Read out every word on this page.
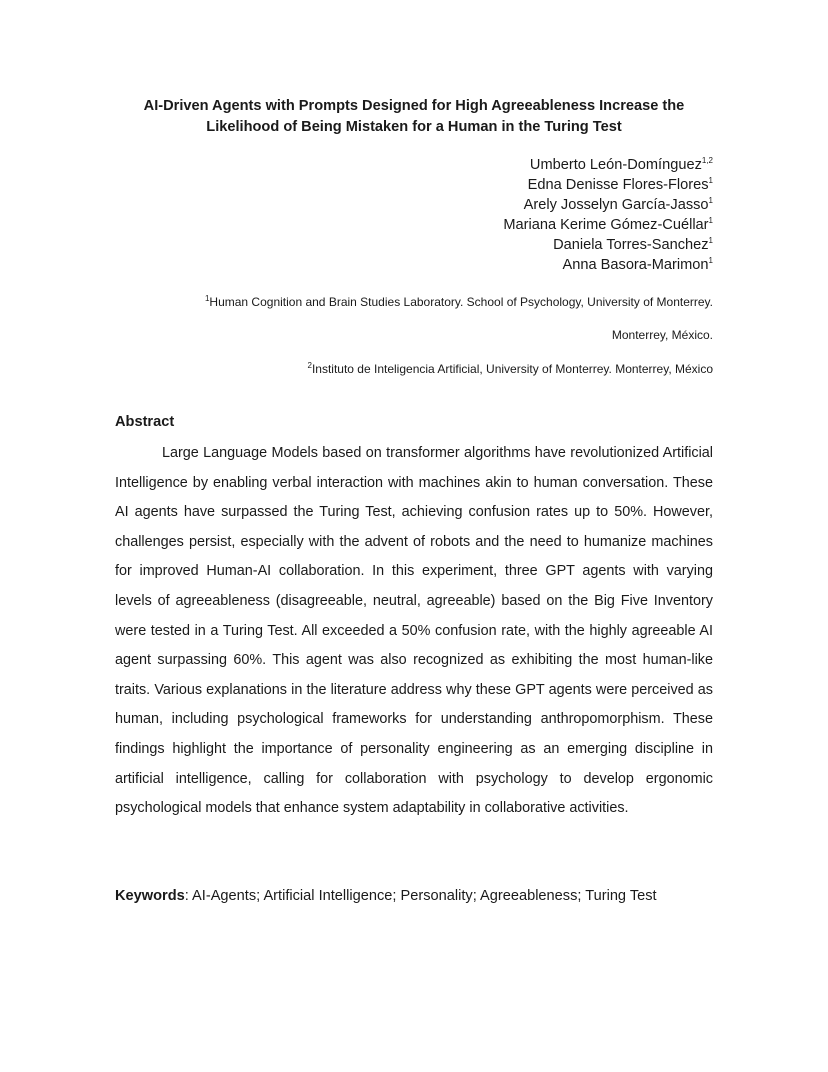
AI-Driven Agents with Prompts Designed for High Agreeableness Increase the
Likelihood of Being Mistaken for a Human in the Turing Test
Umberto León-Domínguez$^{1,2}$
Edna Denisse Flores-Flores$^1$
Arely Josselyn García-Jasso$^1$
Mariana Kerime Gómez-Cuéllar$^1$
Daniela Torres-Sanchez$^1$
Anna Basora-Marimon$^1$
$^1$Human Cognition and Brain Studies Laboratory. School of Psychology, University of Monterrey.
Monterrey, México.
$^2$Instituto de Inteligencia Artificial, University of Monterrey. Monterrey, México
Abstract

Large Language Models based on transformer algorithms have revolutionized Artificial Intelligence by enabling verbal interaction with machines akin to human conversation. These AI agents have surpassed the Turing Test, achieving confusion rates up to 50%. However, challenges persist, especially with the advent of robots and the need to humanize machines for improved Human-AI collaboration. In this experiment, three GPT agents with varying levels of agreeableness (disagreeable, neutral, agreeable) based on the Big Five Inventory were tested in a Turing Test. All exceeded a 50% confusion rate, with the highly agreeable AI agent surpassing 60%. This agent was also recognized as exhibiting the most human-like traits. Various explanations in the literature address why these GPT agents were perceived as human, including psychological frameworks for understanding anthropomorphism. These findings highlight the importance of personality engineering as an emerging discipline in artificial intelligence, calling for collaboration with psychology to develop ergonomic psychological models that enhance system adaptability in collaborative activities.

Keywords: AI-Agents; Artificial Intelligence; Personality; Agreeableness; Turing Test
